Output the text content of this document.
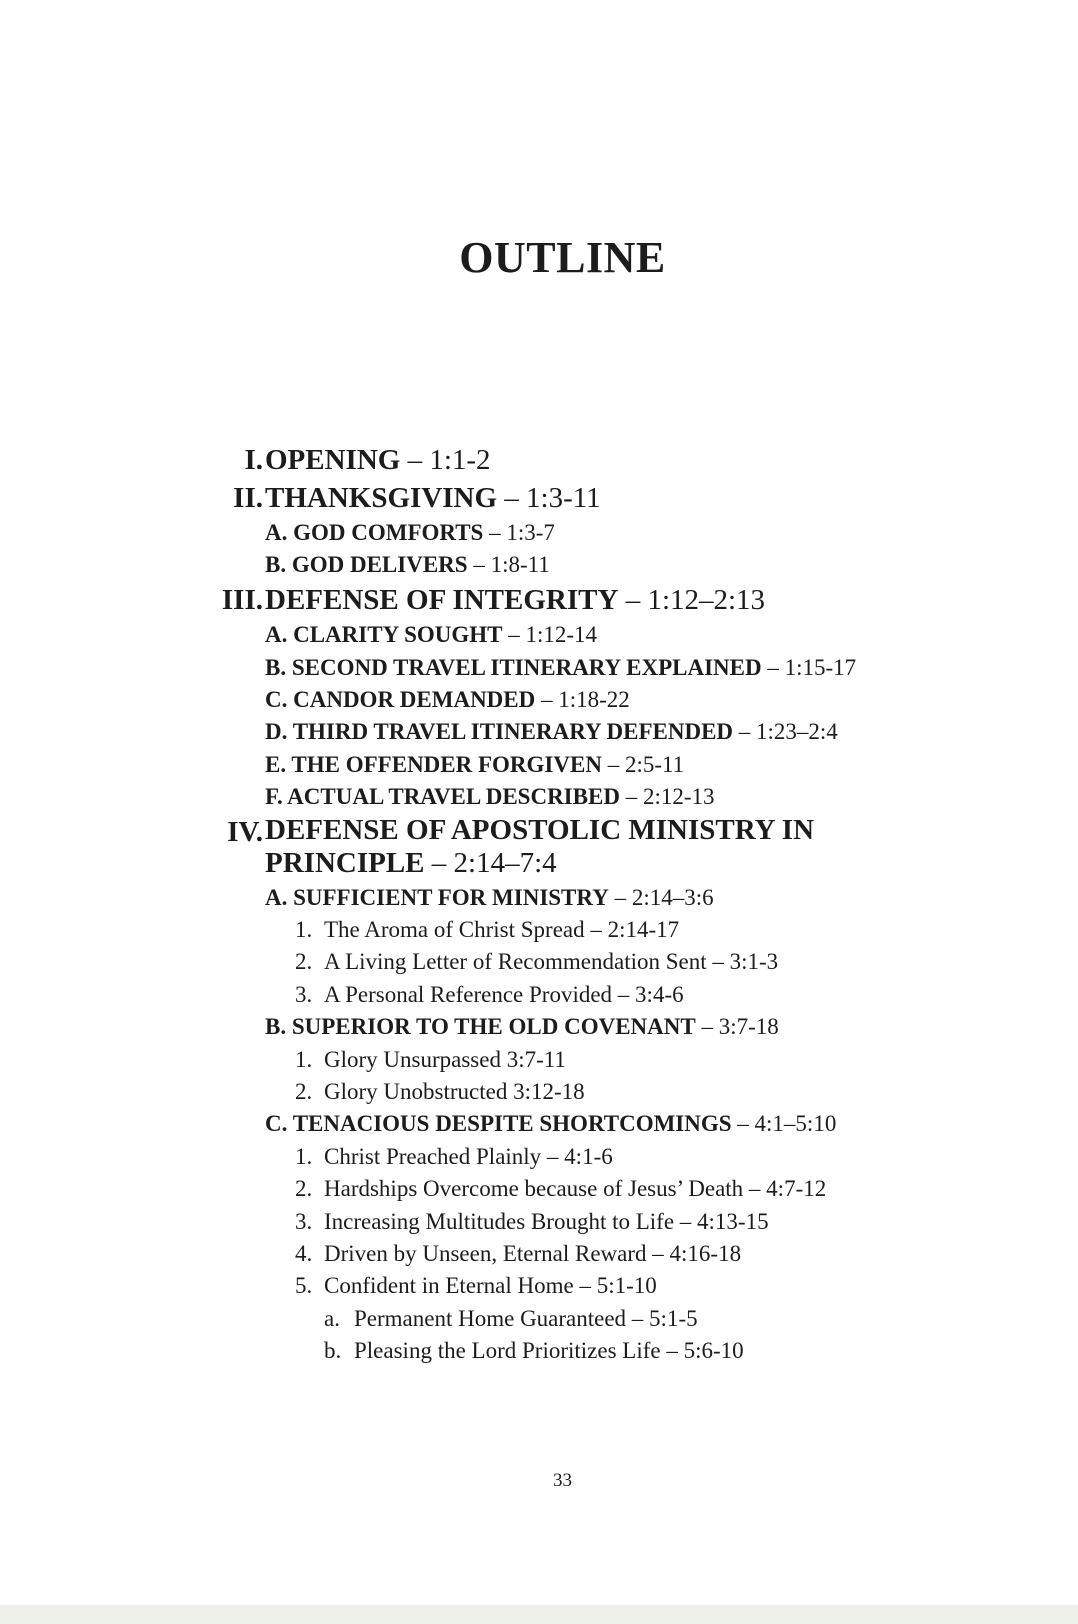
OUTLINE
I. OPENING – 1:1-2
II. THANKSGIVING – 1:3-11
A. GOD COMFORTS – 1:3-7
B. GOD DELIVERS – 1:8-11
III. DEFENSE OF INTEGRITY – 1:12–2:13
A. CLARITY SOUGHT – 1:12-14
B. SECOND TRAVEL ITINERARY EXPLAINED – 1:15-17
C. CANDOR DEMANDED – 1:18-22
D. THIRD TRAVEL ITINERARY DEFENDED – 1:23–2:4
E. THE OFFENDER FORGIVEN – 2:5-11
F. ACTUAL TRAVEL DESCRIBED – 2:12-13
IV. DEFENSE OF APOSTOLIC MINISTRY IN PRINCIPLE – 2:14–7:4
A. SUFFICIENT FOR MINISTRY – 2:14–3:6
1. The Aroma of Christ Spread – 2:14-17
2. A Living Letter of Recommendation Sent – 3:1-3
3. A Personal Reference Provided – 3:4-6
B. SUPERIOR TO THE OLD COVENANT – 3:7-18
1. Glory Unsurpassed 3:7-11
2. Glory Unobstructed 3:12-18
C. TENACIOUS DESPITE SHORTCOMINGS – 4:1–5:10
1. Christ Preached Plainly – 4:1-6
2. Hardships Overcome because of Jesus’ Death – 4:7-12
3. Increasing Multitudes Brought to Life – 4:13-15
4. Driven by Unseen, Eternal Reward – 4:16-18
5. Confident in Eternal Home – 5:1-10
a. Permanent Home Guaranteed – 5:1-5
b. Pleasing the Lord Prioritizes Life – 5:6-10
33
